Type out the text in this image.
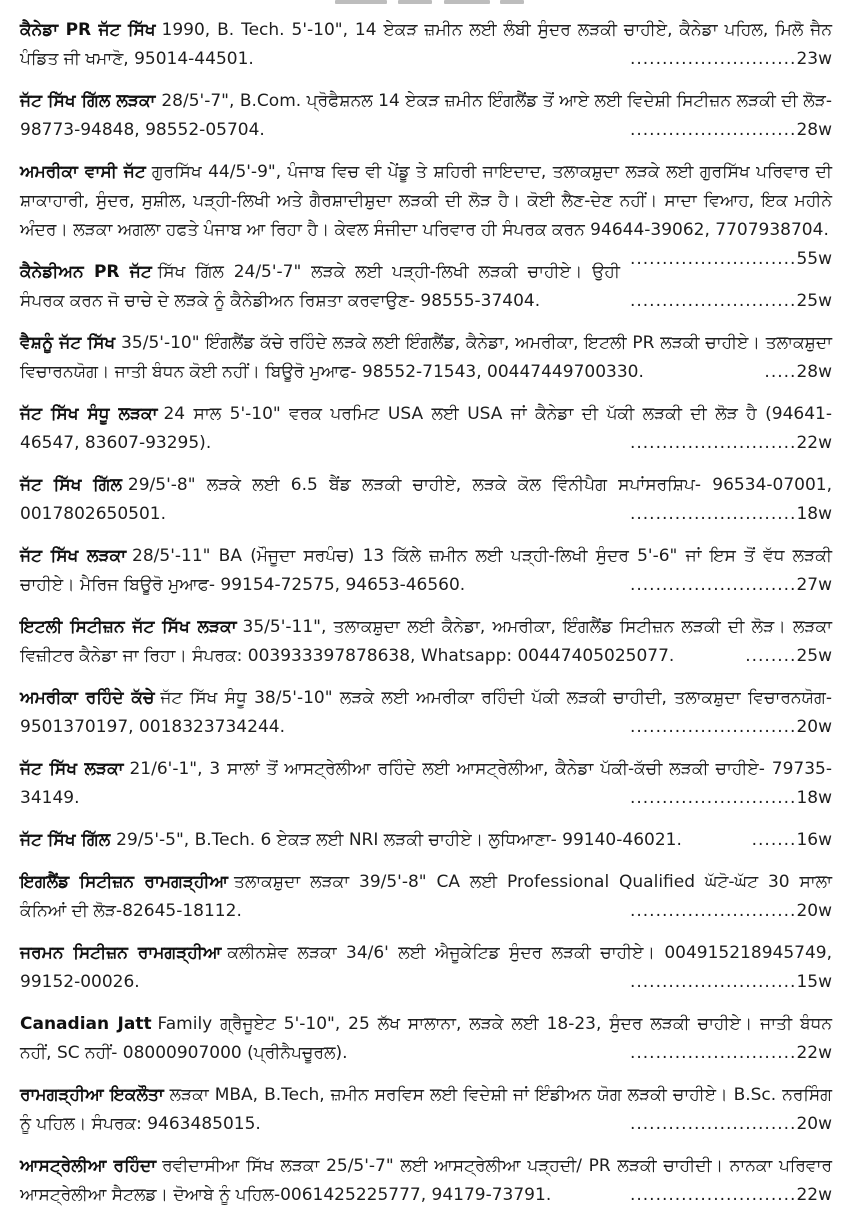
ਕੈਨੇਡਾ PR ਜੱਟ ਸਿੱਖ 1990, B. Tech. 5'-10", 14 ਏਕੜ ਜ਼ਮੀਨ ਲਈ ਲੰਬੀ ਸੁੰਦਰ ਲੜਕੀ ਚਾਹੀਏ, ਕੈਨੇਡਾ ਪਹਿਲ, ਮਿਲੋ ਜੈਨ ਪੰਡਿਤ ਜੀ ਖਮਾਣੋ, 95014-44501.	..........................23w

ਜੱਟ ਸਿੱਖ ਗਿੱਲ ਲੜਕਾ 28/5'-7", B.Com. ਪ੍ਰੋਫੈਸ਼ਨਲ 14 ਏਕੜ ਜ਼ਮੀਨ ਇੰਗਲੈਂਡ ਤੋਂ ਆਏ ਲਈ ਵਿਦੇਸ਼ੀ ਸਿਟੀਜ਼ਨ ਲੜਕੀ ਦੀ ਲੋੜ- 98773-94848, 98552-05704.	..........................28w

ਅਮਰੀਕਾ ਵਾਸੀ ਜੱਟ ਗੁਰਸਿੱਖ 44/5'-9", ਪੰਜਾਬ ਵਿਚ ਵੀ ਪੇਂਡੂ ਤੇ ਸ਼ਹਿਰੀ ਜਾਇਦਾਦ, ਤਲਾਕਸ਼ੁਦਾ ਲੜਕੇ ਲਈ ਗੁਰਸਿੱਖ ਪਰਿਵਾਰ ਦੀ ਸ਼ਾਕਾਹਾਰੀ, ਸੁੰਦਰ, ਸੁਸ਼ੀਲ, ਪੜ੍ਹੀ-ਲਿਖੀ ਅਤੇ ਗੈਰਸ਼ਾਦੀਸ਼ੁਦਾ ਲੜਕੀ ਦੀ ਲੋੜ ਹੈ। ਕੋਈ ਲੈਣ-ਦੇਣ ਨਹੀਂ। ਸਾਦਾ ਵਿਆਹ, ਇਕ ਮਹੀਨੇ ਅੰਦਰ। ਲੜਕਾ ਅਗਲਾ ਹਫਤੇ ਪੰਜਾਬ ਆ ਰਿਹਾ ਹੈ। ਕੇਵਲ ਸੰਜੀਦਾ ਪਰਿਵਾਰ ਹੀ ਸੰਪਰਕ ਕਰਨ 94644-39062, 7707938704.
..........................55w

ਕੈਨੇਡੀਅਨ PR ਜੱਟ ਸਿੱਖ ਗਿੱਲ 24/5'-7" ਲੜਕੇ ਲਈ ਪੜ੍ਹੀ-ਲਿਖੀ ਲੜਕੀ ਚਾਹੀਏ। ਉਹੀ ਸੰਪਰਕ ਕਰਨ ਜੋ ਚਾਚੇ ਦੇ ਲੜਕੇ ਨੂੰ ਕੈਨੇਡੀਅਨ ਰਿਸ਼ਤਾ ਕਰਵਾਉਣ- 98555-37404.	..........................25w

ਵੈਸ਼ਨੂੰ ਜੱਟ ਸਿੱਖ 35/5'-10" ਇੰਗਲੈਂਡ ਕੱਚੇ ਰਹਿੰਦੇ ਲੜਕੇ ਲਈ ਇੰਗਲੈਂਡ, ਕੈਨੇਡਾ, ਅਮਰੀਕਾ, ਇਟਲੀ PR ਲੜਕੀ ਚਾਹੀਏ। ਤਲਾਕਸ਼ੁਦਾ ਵਿਚਾਰਨਯੋਗ। ਜਾਤੀ ਬੰਧਨ ਕੋਈ ਨਹੀਂ। ਬਿਊਰੋ ਮੁਆਫ- 98552-71543, 00447449700330.	.....28w

ਜੱਟ ਸਿੱਖ ਸੰਧੂ ਲੜਕਾ 24 ਸਾਲ 5'-10" ਵਰਕ ਪਰਮਿਟ USA ਲਈ USA ਜਾਂ ਕੈਨੇਡਾ ਦੀ ਪੱਕੀ ਲੜਕੀ ਦੀ ਲੋੜ ਹੈ (94641-46547, 83607-93295).	..........................22w

ਜੱਟ ਸਿੱਖ ਗਿੱਲ 29/5'-8" ਲੜਕੇ ਲਈ 6.5 ਬੈਂਡ ਲੜਕੀ ਚਾਹੀਏ, ਲੜਕੇ ਕੋਲ ਵਿੰਨੀਪੈਗ ਸਪਾਂਸਰਸ਼ਿਪ- 96534-07001, 0017802650501.	..........................18w

ਜੱਟ ਸਿੱਖ ਲੜਕਾ 28/5'-11" BA (ਮੌਜੂਦਾ ਸਰਪੰਚ) 13 ਕਿੱਲੇ ਜ਼ਮੀਨ ਲਈ ਪੜ੍ਹੀ-ਲਿਖੀ ਸੁੰਦਰ 5'-6" ਜਾਂ ਇਸ ਤੋਂ ਵੱਧ ਲੜਕੀ ਚਾਹੀਏ। ਮੈਰਿਜ ਬਿਊਰੋ ਮੁਆਫ- 99154-72575, 94653-46560.	..........................27w

ਇਟਲੀ ਸਿਟੀਜ਼ਨ ਜੱਟ ਸਿੱਖ ਲੜਕਾ 35/5'-11", ਤਲਾਕਸ਼ੁਦਾ ਲਈ ਕੈਨੇਡਾ, ਅਮਰੀਕਾ, ਇੰਗਲੈਂਡ ਸਿਟੀਜ਼ਨ ਲੜਕੀ ਦੀ ਲੋੜ। ਲੜਕਾ ਵਿਜ਼ੀਟਰ ਕੈਨੇਡਾ ਜਾ ਰਿਹਾ। ਸੰਪਰਕ: 003933397878638, Whatsapp: 00447405025077.	........25w

ਅਮਰੀਕਾ ਰਹਿੰਦੇ ਕੱਚੇ ਜੱਟ ਸਿੱਖ ਸੰਧੂ 38/5'-10" ਲੜਕੇ ਲਈ ਅਮਰੀਕਾ ਰਹਿੰਦੀ ਪੱਕੀ ਲੜਕੀ ਚਾਹੀਦੀ, ਤਲਾਕਸ਼ੁਦਾ ਵਿਚਾਰਨਯੋਗ- 9501370197, 0018323734244.	..........................20w

ਜੱਟ ਸਿੱਖ ਲੜਕਾ 21/6'-1", 3 ਸਾਲਾਂ ਤੋਂ ਆਸਟ੍ਰੇਲੀਆ ਰਹਿੰਦੇ ਲਈ ਆਸਟ੍ਰੇਲੀਆ, ਕੈਨੇਡਾ ਪੱਕੀ-ਕੱਚੀ ਲੜਕੀ ਚਾਹੀਏ- 79735-34149.	..........................18w

ਜੱਟ ਸਿੱਖ ਗਿੱਲ 29/5'-5", B.Tech. 6 ਏਕੜ ਲਈ NRI ਲੜਕੀ ਚਾਹੀਏ। ਲੁਧਿਆਣਾ- 99140-46021.	.......16w

ਇਗਲੈਂਡ ਸਿਟੀਜ਼ਨ ਰਾਮਗੜ੍ਹੀਆ ਤਲਾਕਸ਼ੁਦਾ ਲੜਕਾ 39/5'-8" CA ਲਈ Professional Qualified ਘੱਟੋ-ਘੱਟ 30 ਸਾਲਾ ਕੰਨਿਆਂ ਦੀ ਲੋੜ-82645-18112.	..........................20w

ਜਰਮਨ ਸਿਟੀਜ਼ਨ ਰਾਮਗੜ੍ਹੀਆ ਕਲੀਨਸ਼ੇਵ ਲੜਕਾ 34/6' ਲਈ ਐਜੂਕੇਟਿਡ ਸੁੰਦਰ ਲੜਕੀ ਚਾਹੀਏ। 004915218945749, 99152-00026.	..........................15w

Canadian Jatt Family ਗ੍ਰੈਜੂਏਟ 5'-10", 25 ਲੱਖ ਸਾਲਾਨਾ, ਲੜਕੇ ਲਈ 18-23, ਸੁੰਦਰ ਲੜਕੀ ਚਾਹੀਏ। ਜਾਤੀ ਬੰਧਨ ਨਹੀਂ, SC ਨਹੀਂ- 08000907000 (ਪ੍ਰੀਨੈਪਚੂਰਲ).	..........................22w

ਰਾਮਗੜ੍ਹੀਆ ਇਕਲੌਤਾ ਲੜਕਾ MBA, B.Tech, ਜ਼ਮੀਨ ਸਰਵਿਸ ਲਈ ਵਿਦੇਸ਼ੀ ਜਾਂ ਇੰਡੀਅਨ ਯੋਗ ਲੜਕੀ ਚਾਹੀਏ। B.Sc. ਨਰਸਿੰਗ ਨੂੰ ਪਹਿਲ। ਸੰਪਰਕ: 9463485015.	..........................20w

ਆਸਟ੍ਰੇਲੀਆ ਰਹਿੰਦਾ ਰਵੀਦਾਸੀਆ ਸਿੱਖ ਲੜਕਾ 25/5'-7" ਲਈ ਆਸਟ੍ਰੇਲੀਆ ਪੜ੍ਹਦੀ/ PR ਲੜਕੀ ਚਾਹੀਦੀ। ਨਾਨਕਾ ਪਰਿਵਾਰ ਆਸਟ੍ਰੇਲੀਆ ਸੈਟਲਡ। ਦੋਆਬੇ ਨੂੰ ਪਹਿਲ-0061425225777, 94179-73791.	..........................22w
